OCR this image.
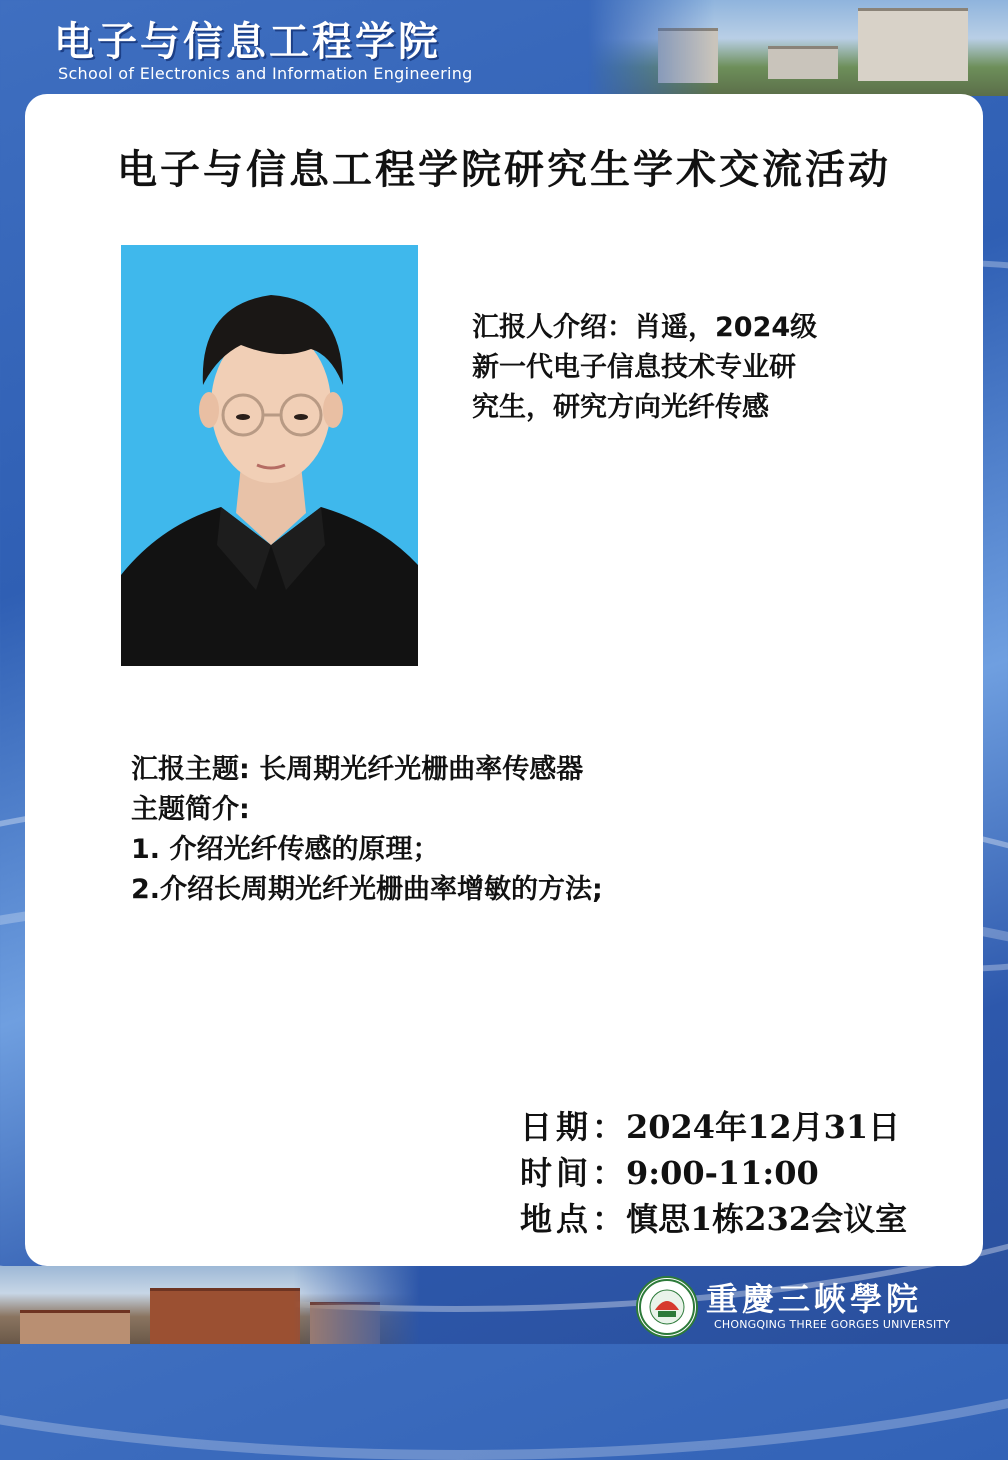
电子与信息工程学院
School of Electronics and Information Engineering
电子与信息工程学院研究生学术交流活动
汇报人介绍：肖遥，2024级
新一代电子信息技术专业研
究生，研究方向光纤传感
汇报主题: 长周期光纤光栅曲率传感器
主题简介:
1. 介绍光纤传感的原理；
2.介绍长周期光纤光栅曲率增敏的方法;
日期：2024年12月31日
时间：9:00-11:00
地点：慎思1栋232会议室
重慶三峽學院
CHONGQING THREE GORGES UNIVERSITY
